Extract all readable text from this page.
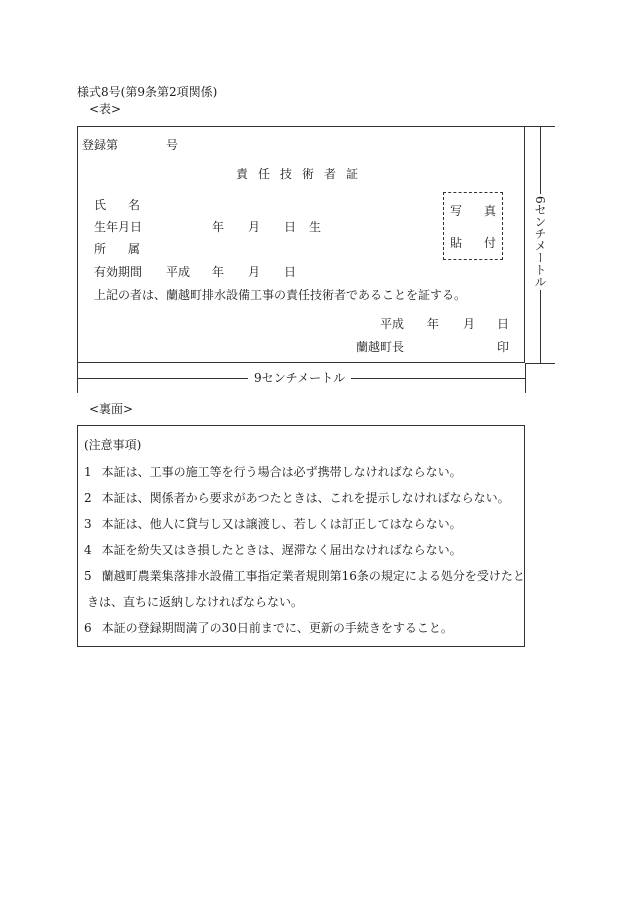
様式8号(第9条第2項関係)
<表>
登録第	号
責任技術者証
氏名
生年月日	年 月 日 生
所属
有効期間 平成 年 月 日
上記の者は、蘭越町排水設備工事の責任技術者であることを証する。
平成 年 月 日
蘭越町長	印
写 真
貼 付	6センチメートル
9センチメートル
<裏面>
(注意事項)
1 本証は、工事の施工等を行う場合は必ず携帯しなければならない。
2 本証は、関係者から要求があつたときは、これを提示しなければならない。
3 本証は、他人に貸与し又は譲渡し、若しくは訂正してはならない。
4 本証を紛失又はき損したときは、遅滞なく届出なければならない。
5 蘭越町農業集落排水設備工事指定業者規則第16条の規定による処分を受けたと
きは、直ちに返納しなければならない。
6 本証の登録期間満了の30日前までに、更新の手続きをすること。
